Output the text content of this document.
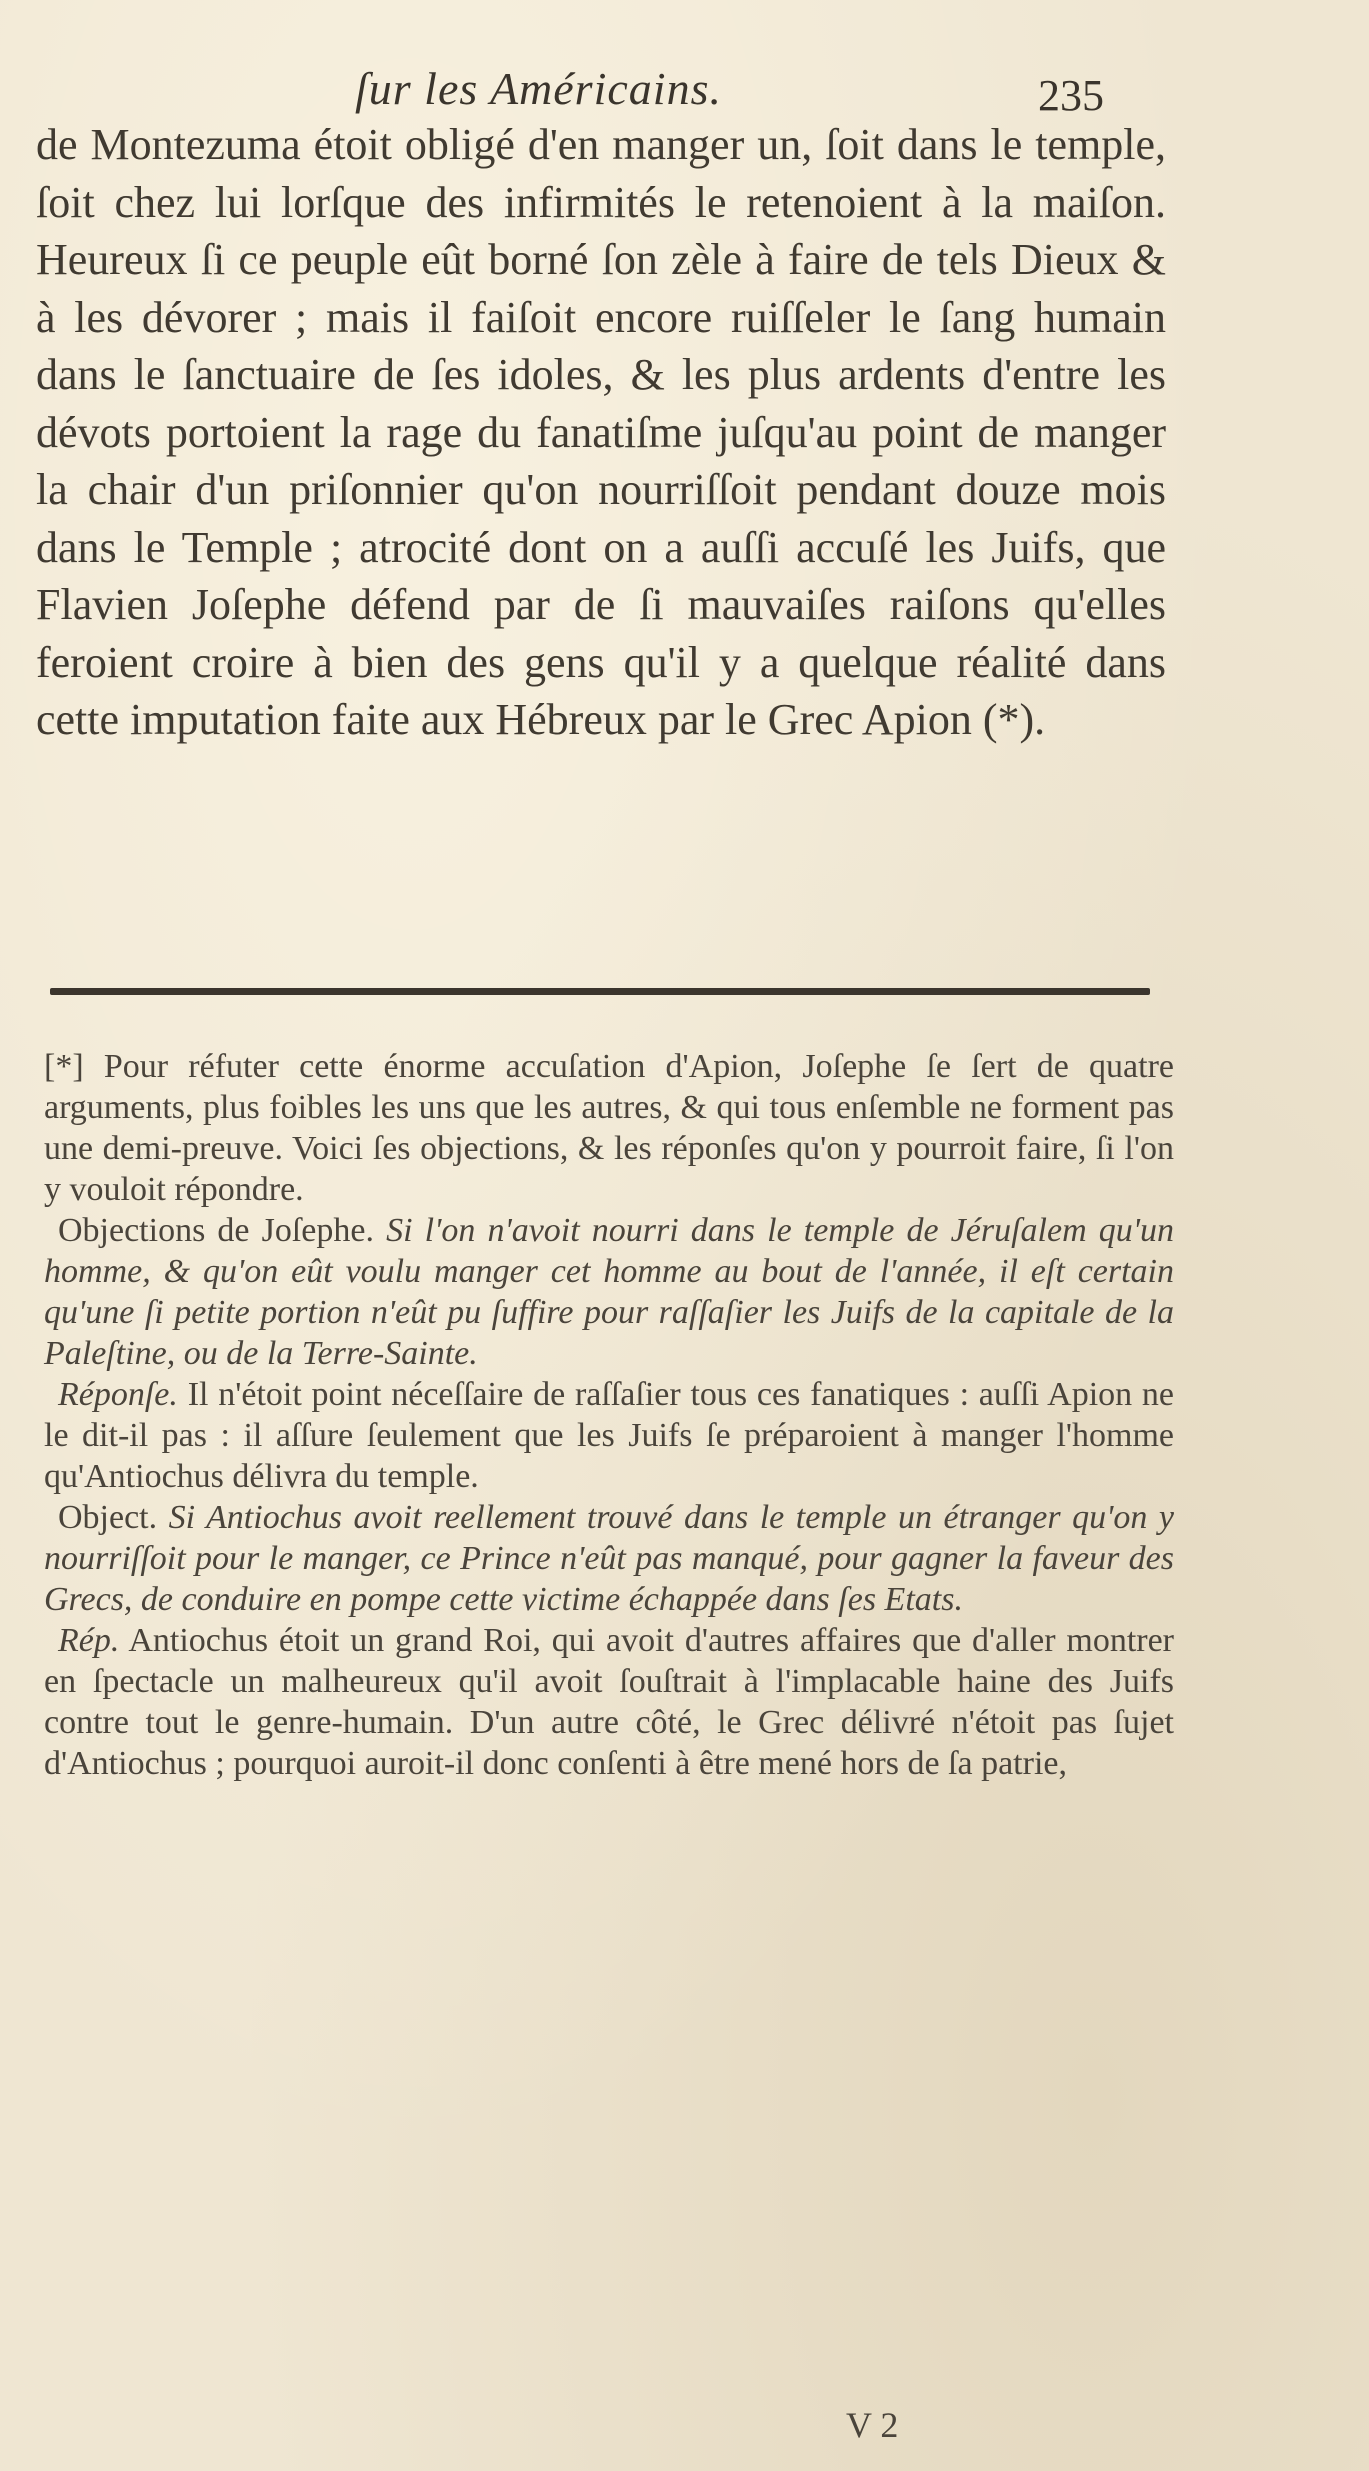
ſur les Américains.	235

de Montezuma étoit obligé d'en manger un, ſoit dans le temple, ſoit chez lui lorſque des infirmités le retenoient à la maiſon. Heureux ſi ce peuple eût borné ſon zèle à faire de tels Dieux & à les dévorer ; mais il faiſoit encore ruiſſeler le ſang humain dans le ſanctuaire de ſes idoles, & les plus ardents d'entre les dévots portoient la rage du fanatiſme juſqu'au point de manger la chair d'un priſonnier qu'on nourriſſoit pendant douze mois dans le Temple ; atrocité dont on a auſſi accuſé les Juifs, que Flavien Joſephe défend par de ſi mauvaiſes raiſons qu'elles feroient croire à bien des gens qu'il y a quelque réalité dans cette imputation faite aux Hébreux par le Grec Apion (*).

[*] Pour réfuter cette énorme accuſation d'Apion, Joſephe ſe ſert de quatre arguments, plus foibles les uns que les autres, & qui tous enſemble ne forment pas une demi-preuve. Voici ſes objections, & les réponſes qu'on y pourroit faire, ſi l'on y vouloit répondre.

Objections de Joſephe. Si l'on n'avoit nourri dans le temple de Jéruſalem qu'un homme, & qu'on eût voulu manger cet homme au bout de l'année, il eſt certain qu'une ſi petite portion n'eût pu ſuffire pour raſſaſier les Juifs de la capitale de la Paleſtine, ou de la Terre-Sainte.

Réponſe. Il n'étoit point néceſſaire de raſſaſier tous ces fanatiques : auſſi Apion ne le dit-il pas : il aſſure ſeulement que les Juifs ſe préparoient à manger l'homme qu'Antiochus délivra du temple.

Object. Si Antiochus avoit reellement trouvé dans le temple un étranger qu'on y nourriſſoit pour le manger, ce Prince n'eût pas manqué, pour gagner la faveur des Grecs, de conduire en pompe cette victime échappée dans ſes Etats.

Rép. Antiochus étoit un grand Roi, qui avoit d'autres affaires que d'aller montrer en ſpectacle un malheureux qu'il avoit ſouſtrait à l'implacable haine des Juifs contre tout le genre-humain. D'un autre côté, le Grec délivré n'étoit pas ſujet d'Antiochus ; pourquoi auroit-il donc conſenti à être mené hors de ſa patrie,

V 2
